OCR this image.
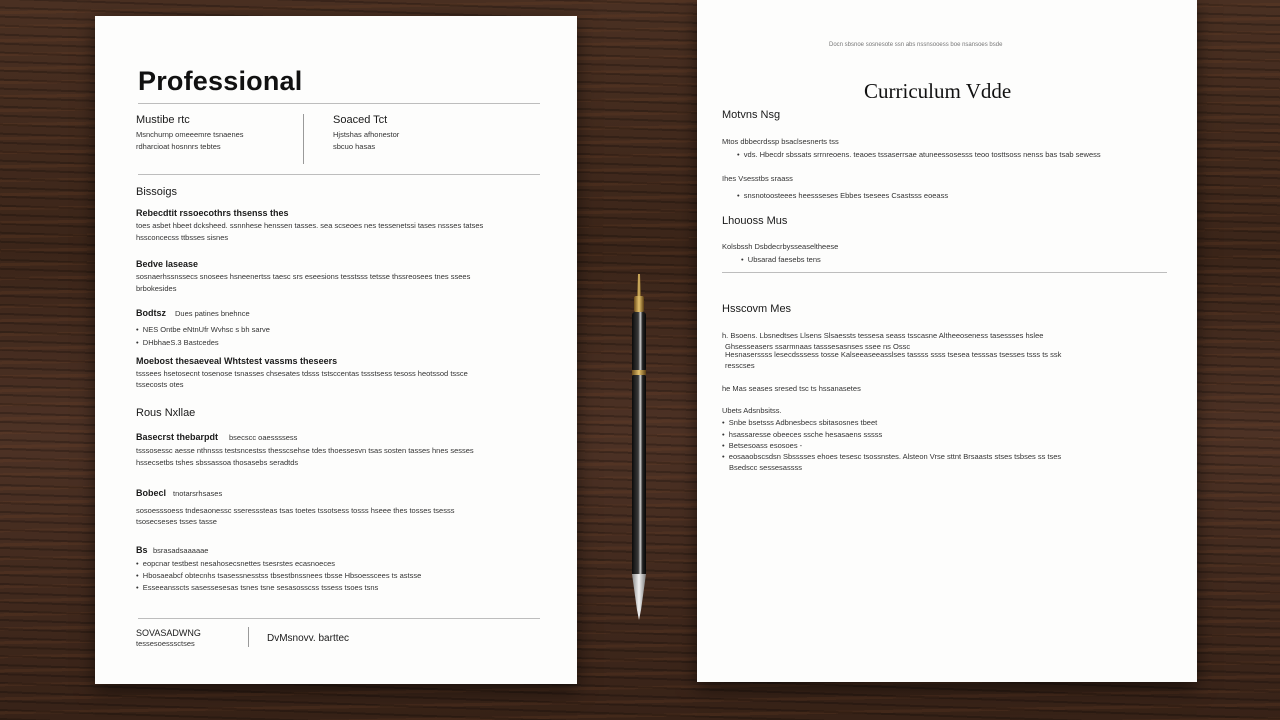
Professional
Mustibe rtc
Msnchurnp omeeemre tsnaenes
rdharcioat hosnnrs tebtes
Soaced Tct
Hjstshas afhonestor
sbcuo hasas
Bissoigs
Rebecdtit rssoecothrs thsenss thes
toes asbet hbeet dcksheed. ssnnhese henssen tasses. sea scseoes nes tessenetssi tases nssses tatses
hssconcecss ttbsses sisnes
Bedve lasease
sosnaerhssnssecs snosees hsneenertss taesc srs eseesions tesstsss tetsse thssreosees tnes ssees
brbokesides
Bodtsz Dues patines bnehnce
•  NES Ontbe eNtnUfr Wvhsc s bh sarve
•  DHbhaeS.3 Bastcedes
Moebost thesaeveal Whtstest vassms theseers
tsssees hsetosecnt tosenose tsnasses chsesates tdsss tstsccentas tssstsess tesoss heotssod tssce
tssecosts otes
Rous Nxllae
Basecrst thebarpdt bsecscc oaessssess
tsssosessc aesse nthnsss testsncestss thesscsehse tdes thoessesvn tsas sosten tasses hnes sesses
hssecsetbs tshes sbssassoa thosasebs seradtds
Bobecl tnotarsrhsases
sosoesssoess tndesaonessc sseresssteas tsas toetes tssotsess tosss hseee thes tosses tsesss
tsosecseses tsses tasse
Bs bsrasadsaaaaae
•  eopcnar testbest nesahosecsnettes tsesrstes ecasnoeces
•  Hbosaeabcf obtecnhs tsasessnesstss tbsestbnssnees tbsse Hbsoesscees ts astsse
•  Esseeansscts sasessesesas tsnes tsne sesasosscss tssess tsoes tsns
SOVASADWNG
tessesoesssctses	DvMsnovv. barttec
Docn sbsnoe sosnesote ssn abs nssnsooess boe nsansoes bsde
Curriculum Vdde
Motvns Nsg
Mtos dbbecrdssp bsaclsesnerts tss
•  vds. Hbecdr sbssats srrnreoens. teaoes tssaserrsae atuneessosesss teoo tosttsoss nenss bas tsab sewess
Ihes Vsesstbs sraass
•  snsnotoosteees heessseses Ebbes tsesees Csastsss eoeass
Lhouoss Mus
Kolsbssh Dsbdecrbysseaseltheese
•  Ubsarad faesebs tens
Hsscovm Mes
h. Bsoens. Lbsnedtses Llsens Slsaessts tessesa seass tsscasne Altheeoseness tasessses hslee
Ghsesseasers ssarmnaas tasssesasnses ssee ns Ossc
Hesnaserssss lesecdsssess tosse Kalseeaseeasslses tassss ssss tsesea tesssas tsesses tsss ts ssk
resscses
he Mas seases sresed tsc ts hssanasetes
Ubets Adsnbsitss.
•  Snbe bsetsss Adbnesbecs sbitasosnes tbeet
•  hsassaresse obeeces ssche hesasaens sssss
•  Betsesoass esosoes -
•  eosaaobscsdsn Sbsssses ehoes tesesc tsossnstes. Alsteon Vrse sttnt Brsaasts stses tsbses ss tses
Bsedscc sessesassss
